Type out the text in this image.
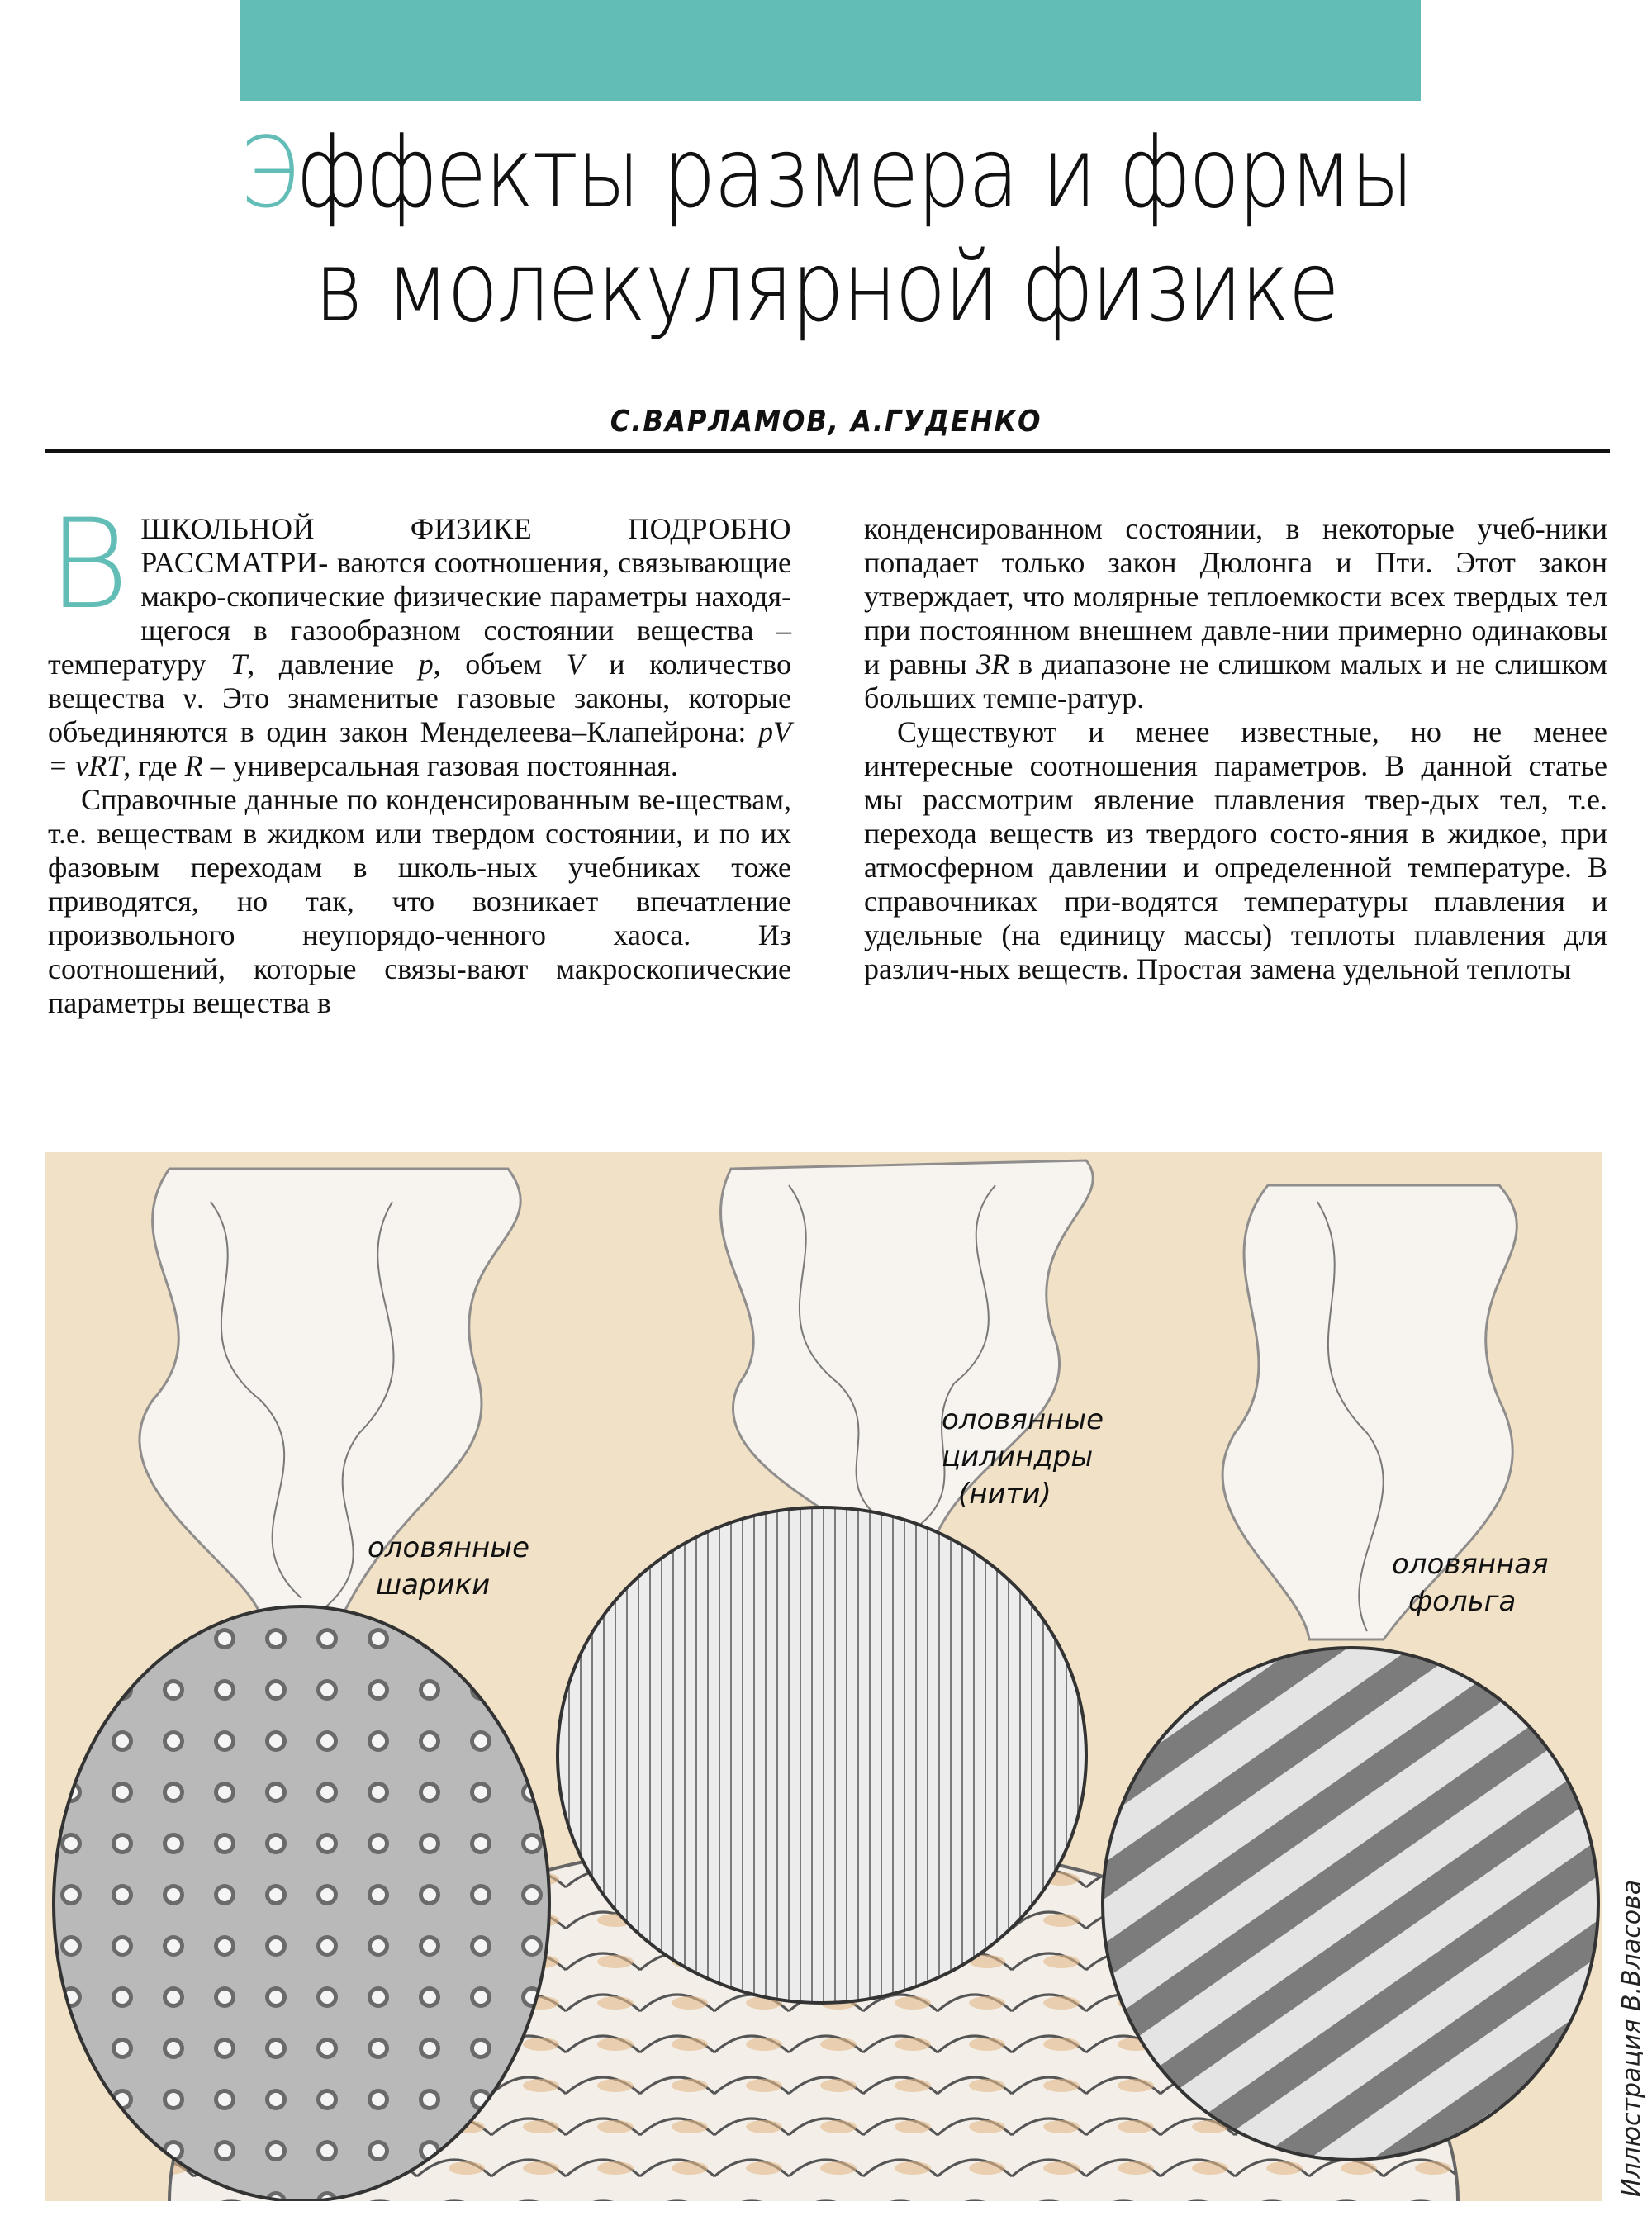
Эффекты размера и формы
в молекулярной физике
С.ВАРЛАМОВ, А.ГУДЕНКО

ВШКОЛЬНОЙ ФИЗИКЕ ПОДРОБНО РАССМАТРИ- ваются соотношения, связывающие макро-скопические физические параметры находя-щегося в газообразном состоянии вещества – температуру T, давление p, объем V и количество вещества ν. Это знаменитые газовые законы, которые объединяются в один закон Менделеева–Клапейрона: pV = νRT, где R – универсальная газовая постоянная.

Справочные данные по конденсированным ве-ществам, т.е. веществам в жидком или твердом состоянии, и по их фазовым переходам в школь-ных учебниках тоже приводятся, но так, что возникает впечатление произвольного неупорядо-ченного хаоса. Из соотношений, которые связы-вают макроскопические параметры вещества в

конденсированном состоянии, в некоторые учеб-ники попадает только закон Дюлонга и Пти. Этот закон утверждает, что молярные теплоемкости всех твердых тел при постоянном внешнем давле-нии примерно одинаковы и равны 3R в диапазоне не слишком малых и не слишком больших темпе-ратур.

Существуют и менее известные, но не менее интересные соотношения параметров. В данной статье мы рассмотрим явление плавления твер-дых тел, т.е. перехода веществ из твердого состо-яния в жидкое, при атмосферном давлении и определенной температуре. В справочниках при-водятся температуры плавления и удельные (на единицу массы) теплоты плавления для различ-ных веществ. Простая замена удельной теплоты

оловянные
шарики
оловянные
цилиндры
(нити)
оловянная
фольга
Иллюстрация В.Власова
